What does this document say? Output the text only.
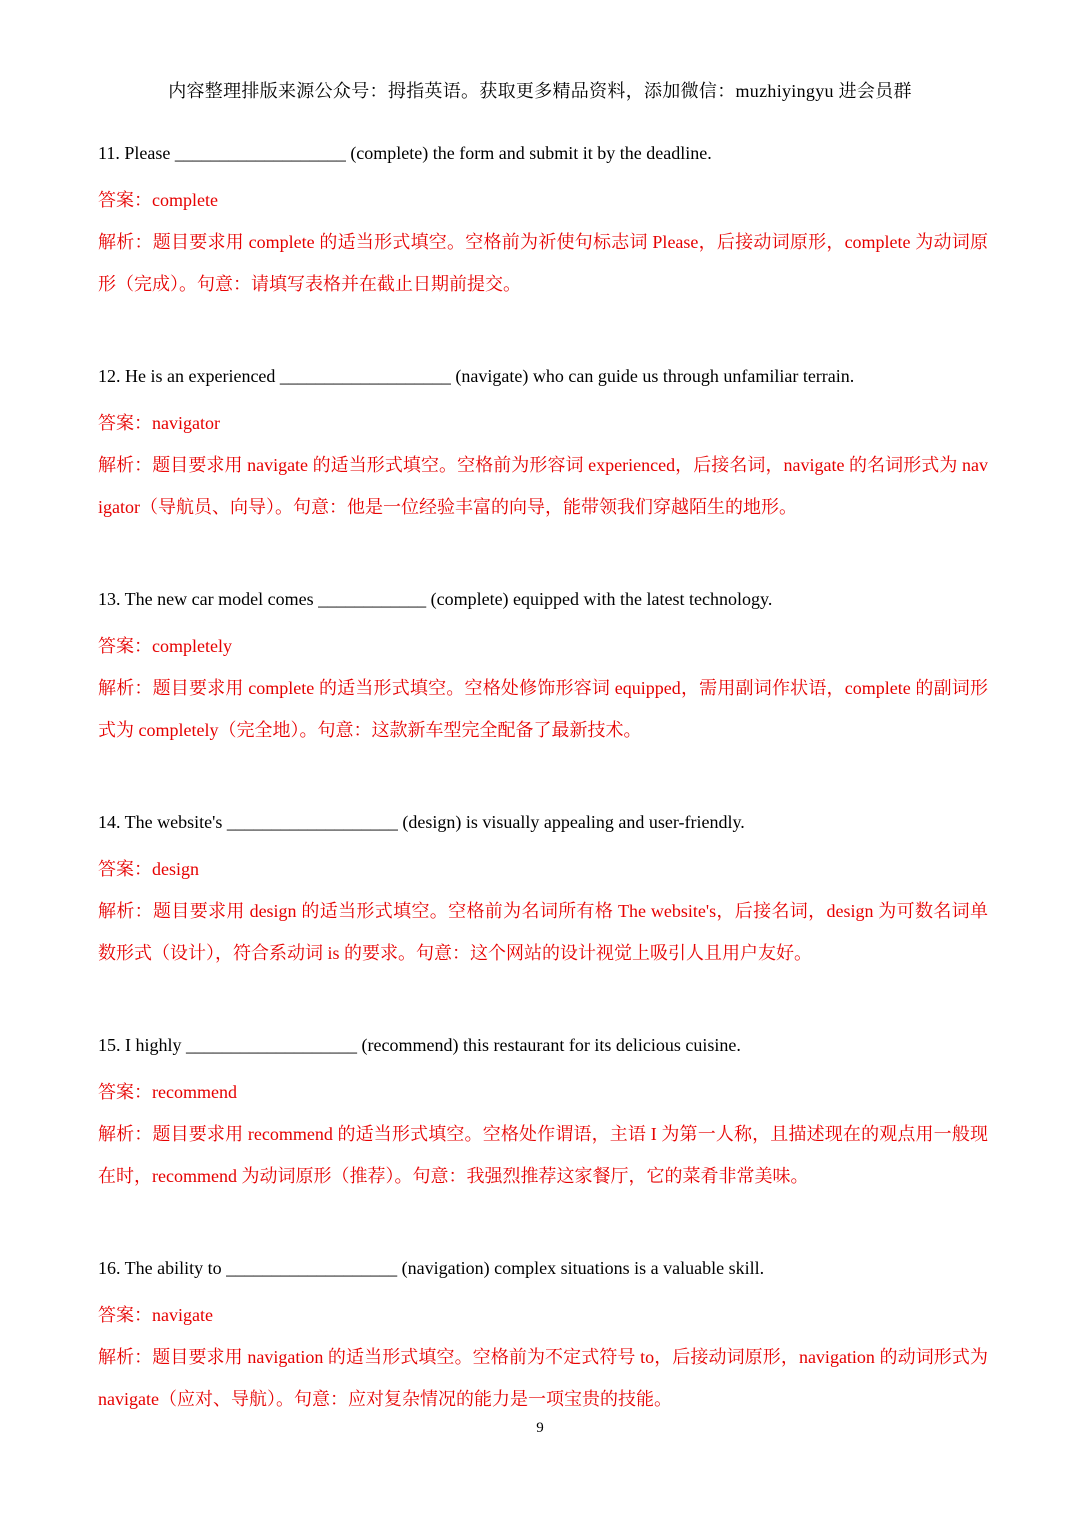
内容整理排版来源公众号：拇指英语。获取更多精品资料，添加微信：muzhiyingyu 进会员群
11. Please ___________________ (complete) the form and submit it by the deadline.
答案：complete
解析：题目要求用 complete 的适当形式填空。空格前为祈使句标志词 Please，后接动词原形，complete 为动词原形（完成）。句意：请填写表格并在截止日期前提交。
12. He is an experienced ___________________ (navigate) who can guide us through unfamiliar terrain.
答案：navigator
解析：题目要求用 navigate 的适当形式填空。空格前为形容词 experienced，后接名词，navigate 的名词形式为 navigator（导航员、向导）。句意：他是一位经验丰富的向导，能带领我们穿越陌生的地形。
13. The new car model comes ____________ (complete) equipped with the latest technology.
答案：completely
解析：题目要求用 complete 的适当形式填空。空格处修饰形容词 equipped，需用副词作状语，complete 的副词形式为 completely（完全地）。句意：这款新车型完全配备了最新技术。
14. The website's ___________________ (design) is visually appealing and user-friendly.
答案：design
解析：题目要求用 design 的适当形式填空。空格前为名词所有格 The website's，后接名词，design 为可数名词单数形式（设计），符合系动词 is 的要求。句意：这个网站的设计视觉上吸引人且用户友好。
15. I highly ___________________ (recommend) this restaurant for its delicious cuisine.
答案：recommend
解析：题目要求用 recommend 的适当形式填空。空格处作谓语，主语 I 为第一人称，且描述现在的观点用一般现在时，recommend 为动词原形（推荐）。句意：我强烈推荐这家餐厅，它的菜肴非常美味。
16. The ability to ___________________ (navigation) complex situations is a valuable skill.
答案：navigate
解析：题目要求用 navigation 的适当形式填空。空格前为不定式符号 to，后接动词原形，navigation 的动词形式为 navigate（应对、导航）。句意：应对复杂情况的能力是一项宝贵的技能。
9
